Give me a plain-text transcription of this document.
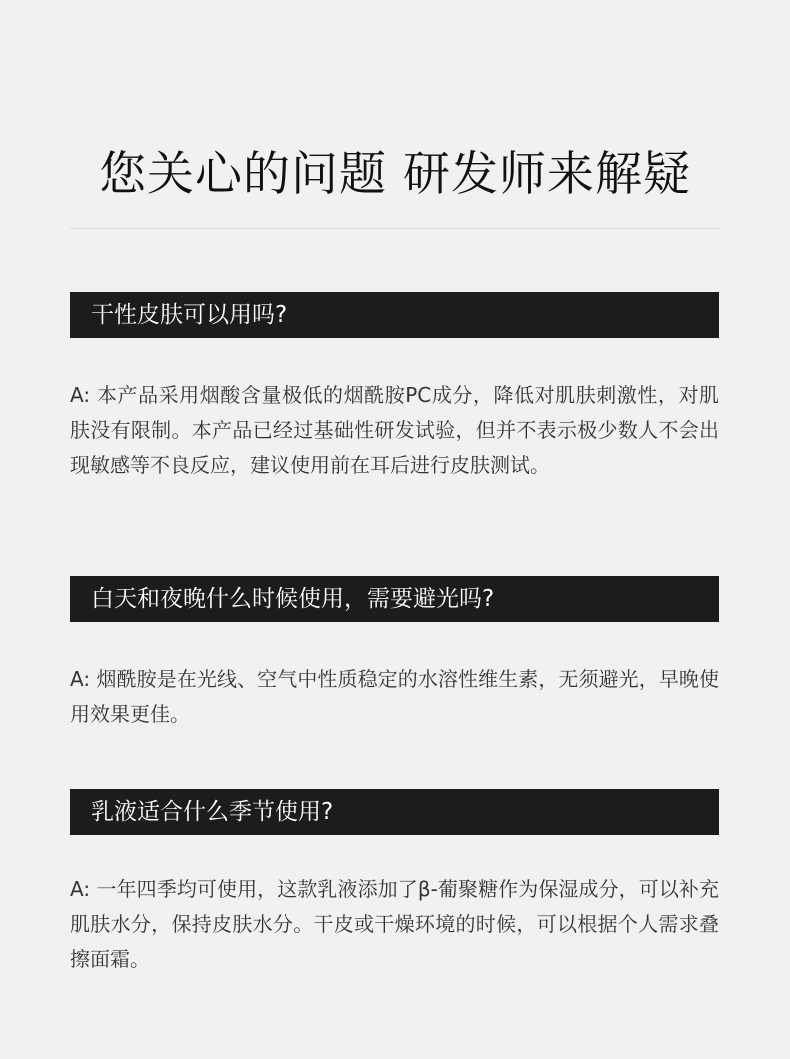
您关心的问题 研发师来解疑
干性皮肤可以用吗?

A: 本产品采用烟酸含量极低的烟酰胺PC成分，降低对肌肤刺激性，对肌肤没有限制。本产品已经过基础性研发试验，但并不表示极少数人不会出现敏感等不良反应，建议使用前在耳后进行皮肤测试。

白天和夜晚什么时候使用，需要避光吗?

A: 烟酰胺是在光线、空气中性质稳定的水溶性维生素，无须避光，早晚使用效果更佳。

乳液适合什么季节使用?

A: 一年四季均可使用，这款乳液添加了β-葡聚糖作为保湿成分，可以补充肌肤水分，保持皮肤水分。干皮或干燥环境的时候，可以根据个人需求叠擦面霜。
